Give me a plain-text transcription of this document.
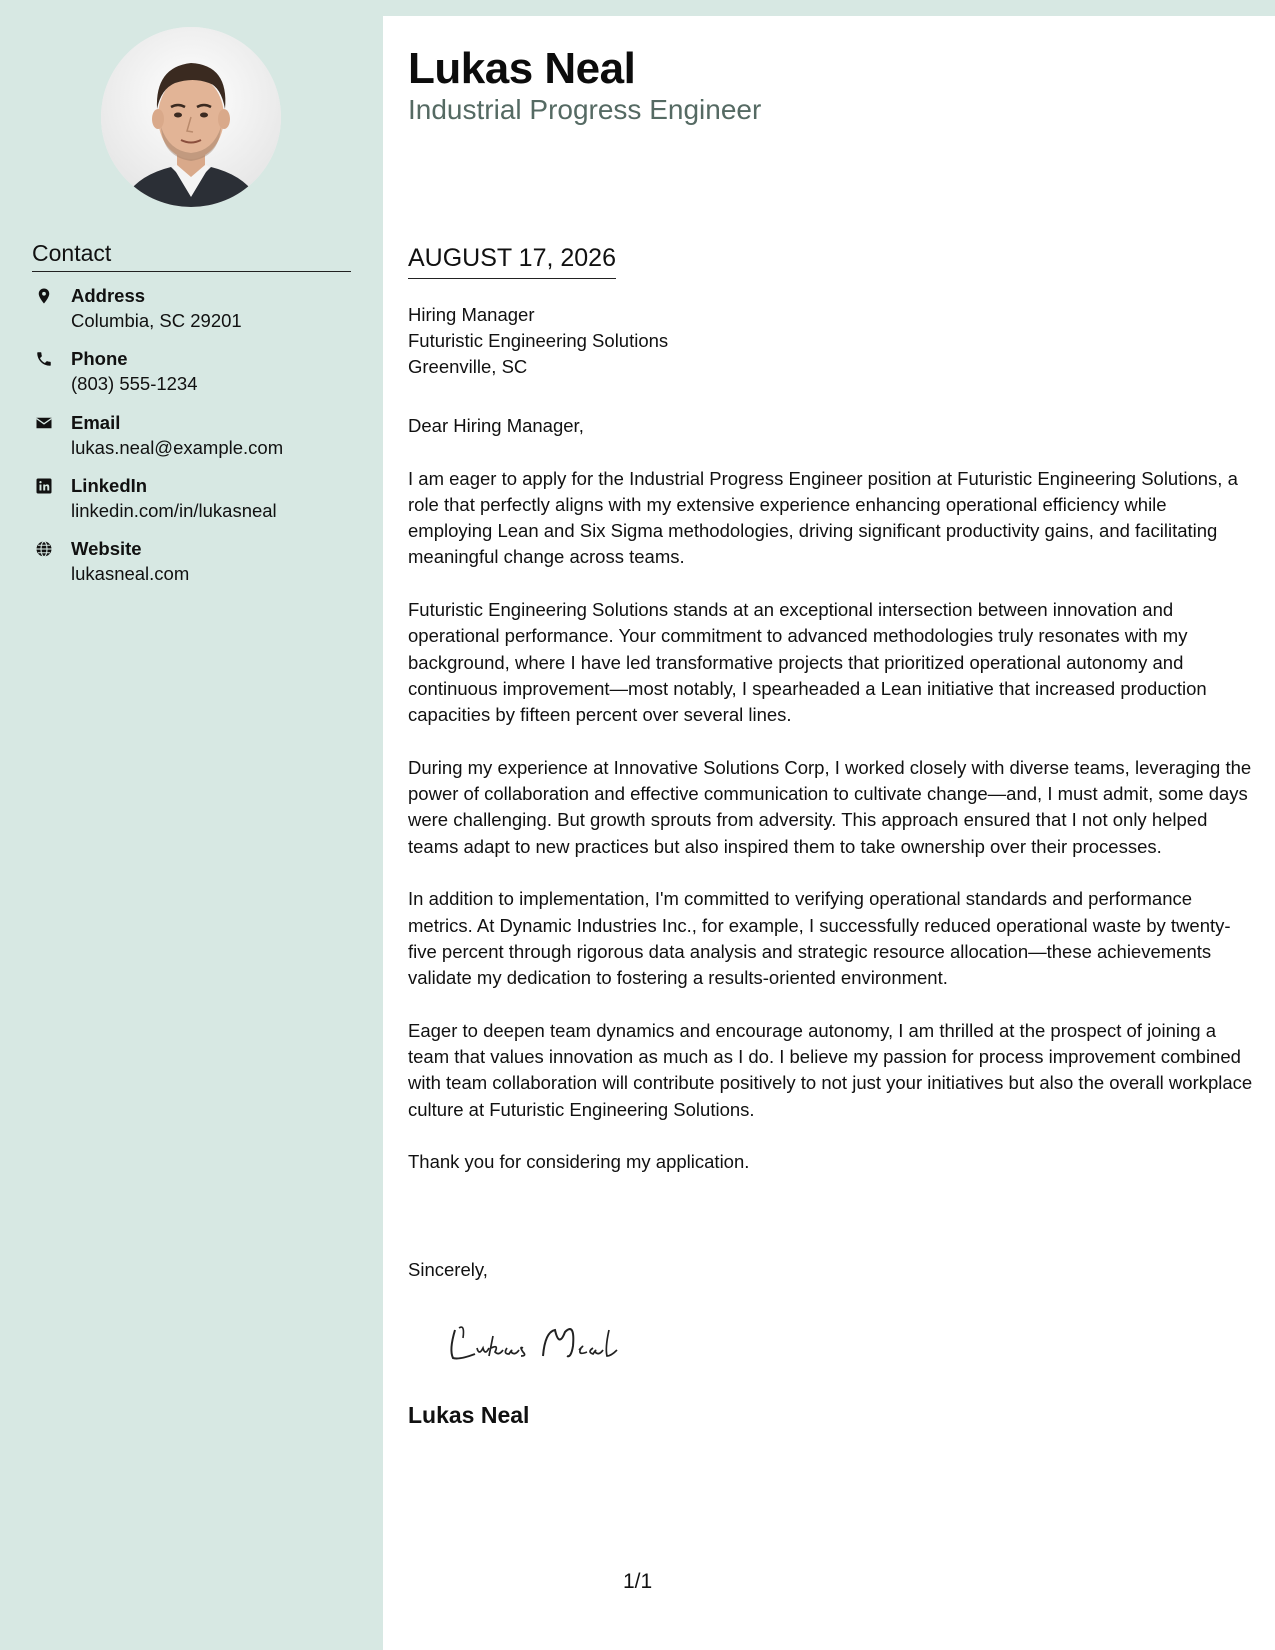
Contact
Address
Columbia, SC 29201
Phone
(803) 555-1234
Email
lukas.neal@example.com
LinkedIn
linkedin.com/in/lukasneal
Website
lukasneal.com
Lukas Neal
Industrial Progress Engineer
AUGUST 17, 2026
Hiring Manager
Futuristic Engineering Solutions
Greenville, SC

Dear Hiring Manager,

I am eager to apply for the Industrial Progress Engineer position at Futuristic Engineering Solutions, a role that perfectly aligns with my extensive experience enhancing operational efficiency while employing Lean and Six Sigma methodologies, driving significant productivity gains, and facilitating meaningful change across teams.

Futuristic Engineering Solutions stands at an exceptional intersection between innovation and operational performance. Your commitment to advanced methodologies truly resonates with my background, where I have led transformative projects that prioritized operational autonomy and continuous improvement—most notably, I spearheaded a Lean initiative that increased production capacities by fifteen percent over several lines.

During my experience at Innovative Solutions Corp, I worked closely with diverse teams, leveraging the power of collaboration and effective communication to cultivate change—and, I must admit, some days were challenging. But growth sprouts from adversity. This approach ensured that I not only helped teams adapt to new practices but also inspired them to take ownership over their processes.

In addition to implementation, I'm committed to verifying operational standards and performance metrics. At Dynamic Industries Inc., for example, I successfully reduced operational waste by twenty-five percent through rigorous data analysis and strategic resource allocation—these achievements validate my dedication to fostering a results-oriented environment.

Eager to deepen team dynamics and encourage autonomy, I am thrilled at the prospect of joining a team that values innovation as much as I do. I believe my passion for process improvement combined with team collaboration will contribute positively to not just your initiatives but also the overall workplace culture at Futuristic Engineering Solutions.

Thank you for considering my application.

Sincerely,
Lukas Neal
1/1
